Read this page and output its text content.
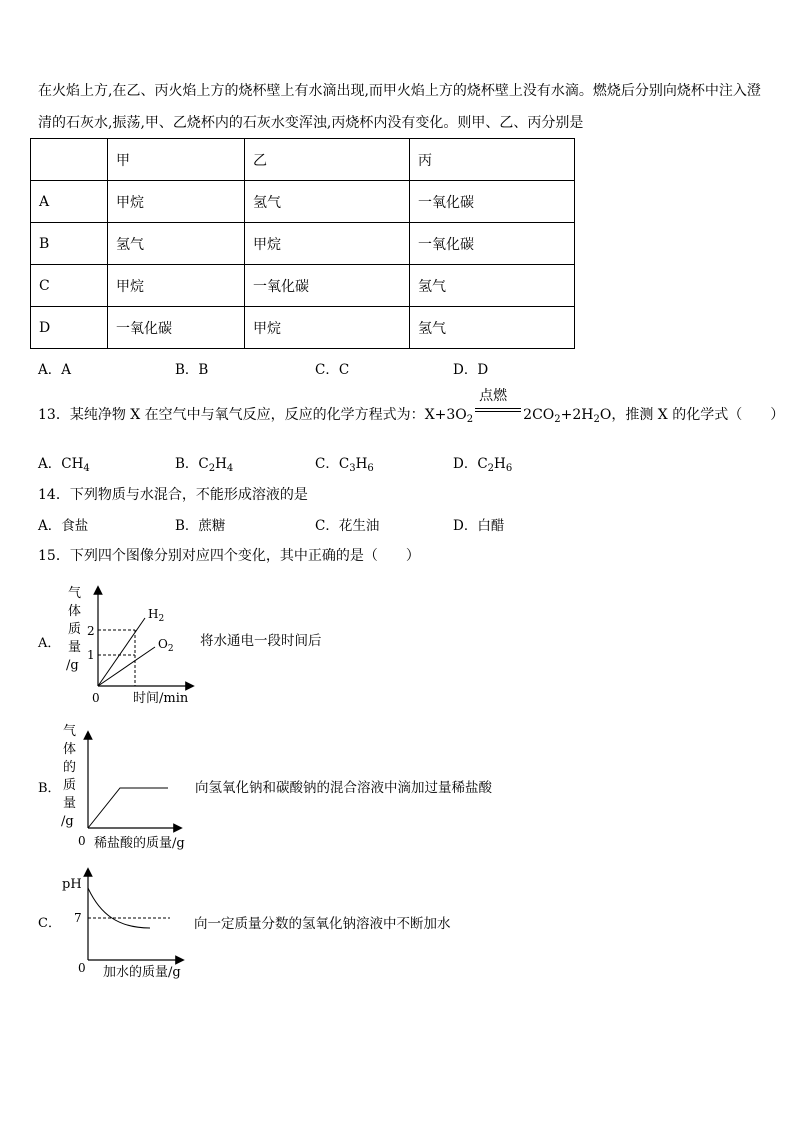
在火焰上方,在乙、丙火焰上方的烧杯壁上有水滴出现,而甲火焰上方的烧杯壁上没有水滴。燃烧后分别向烧杯中注入澄
清的石灰水,振荡,甲、乙烧杯内的石灰水变浑浊,丙烧杯内没有变化。则甲、乙、丙分别是
	甲	乙	丙
A	甲烷	氢气	一氧化碳
B	氢气	甲烷	一氧化碳
C	甲烷	一氧化碳	氢气
D	一氧化碳	甲烷	氢气
A．A	B．B	C．C	D．D
13．某纯净物 X 在空气中与氧气反应，反应的化学方程式为：$X+3O_2$
点燃
$2CO_2+2H_2O$，推测 X 的化学式（　　）
A．$CH_4$	B．$C_2H_4$	C．$C_3H_6$	D．$C_2H_6$
14．下列物质与水混合，不能形成溶液的是
A．食盐	B．蔗糖	C．花生油	D．白醋
15．下列四个图像分别对应四个变化，其中正确的是（　　）
A．
气
体
质
量
/g
0	时间/min
2
1
$H_2$
$O_2$ 将水通电一段时间后
B．
气
体
的
质
量
/g
0 稀盐酸的质量/g
向氢氧化钠和碳酸钠的混合溶液中滴加过量稀盐酸
C．
pH
0 加水的质量/g
7	向一定质量分数的氢氧化钠溶液中不断加水
